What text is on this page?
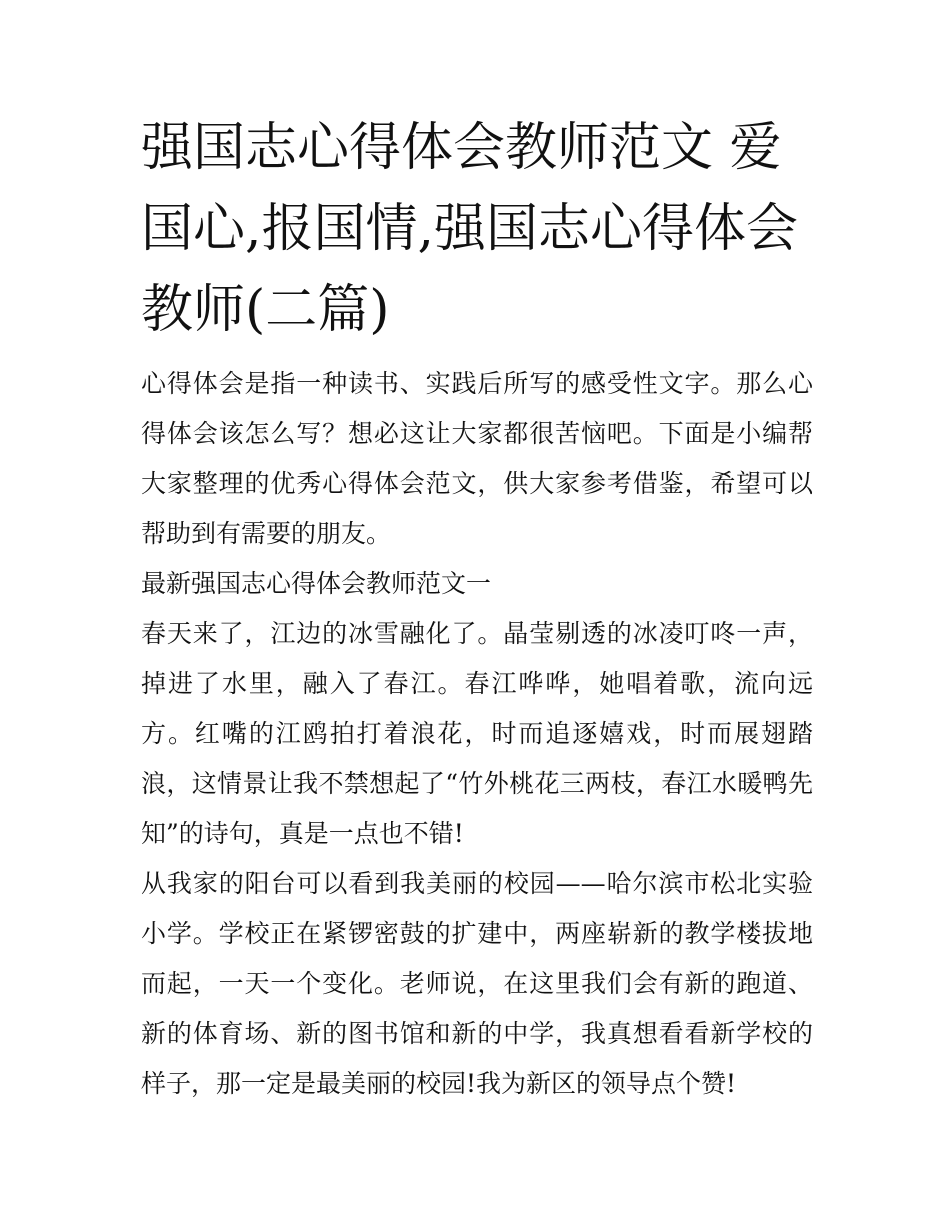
强国志心得体会教师范文 爱国心,报国情,强国志心得体会教师(二篇)

心得体会是指一种读书、实践后所写的感受性文字。那么心得体会该怎么写？想必这让大家都很苦恼吧。下面是小编帮大家整理的优秀心得体会范文，供大家参考借鉴，希望可以帮助到有需要的朋友。

最新强国志心得体会教师范文一

春天来了，江边的冰雪融化了。晶莹剔透的冰凌叮咚一声，掉进了水里，融入了春江。春江哗哗，她唱着歌，流向远方。红嘴的江鸥拍打着浪花，时而追逐嬉戏，时而展翅踏浪，这情景让我不禁想起了“竹外桃花三两枝，春江水暖鸭先知”的诗句，真是一点也不错!

从我家的阳台可以看到我美丽的校园——哈尔滨市松北实验小学。学校正在紧锣密鼓的扩建中，两座崭新的教学楼拔地而起，一天一个变化。老师说，在这里我们会有新的跑道、新的体育场、新的图书馆和新的中学，我真想看看新学校的样子，那一定是最美丽的校园!我为新区的领导点个赞!
